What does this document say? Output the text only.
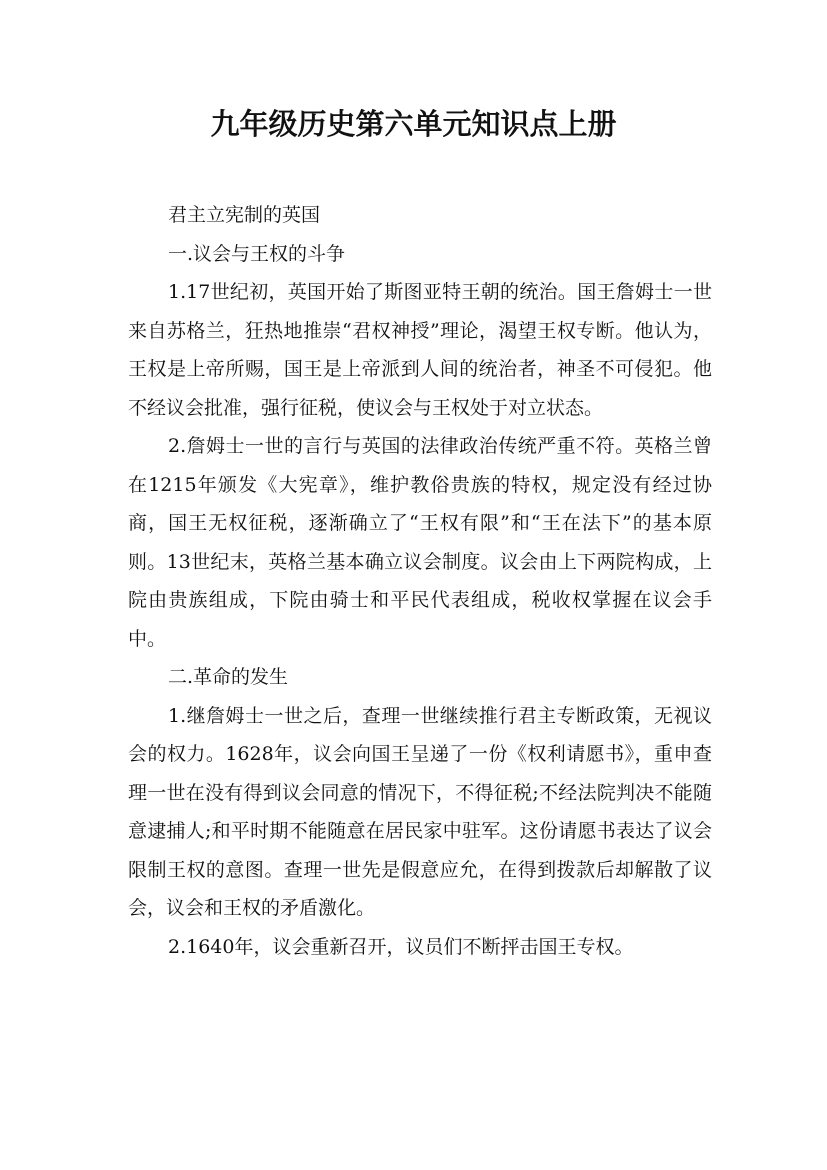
九年级历史第六单元知识点上册

君主立宪制的英国

一.议会与王权的斗争

1.17世纪初，英国开始了斯图亚特王朝的统治。国王詹姆士一世来自苏格兰，狂热地推崇“君权神授”理论，渴望王权专断。他认为，王权是上帝所赐，国王是上帝派到人间的统治者，神圣不可侵犯。他不经议会批准，强行征税，使议会与王权处于对立状态。

2.詹姆士一世的言行与英国的法律政治传统严重不符。英格兰曾在1215年颁发《大宪章》，维护教俗贵族的特权，规定没有经过协商，国王无权征税，逐渐确立了“王权有限”和“王在法下”的基本原则。13世纪末，英格兰基本确立议会制度。议会由上下两院构成，上院由贵族组成，下院由骑士和平民代表组成，税收权掌握在议会手中。

二.革命的发生

1.继詹姆士一世之后，查理一世继续推行君主专断政策，无视议会的权力。1628年，议会向国王呈递了一份《权利请愿书》，重申查理一世在没有得到议会同意的情况下，不得征税;不经法院判决不能随意逮捕人;和平时期不能随意在居民家中驻军。这份请愿书表达了议会限制王权的意图。查理一世先是假意应允，在得到拨款后却解散了议会，议会和王权的矛盾激化。

2.1640年，议会重新召开，议员们不断抨击国王专权。
